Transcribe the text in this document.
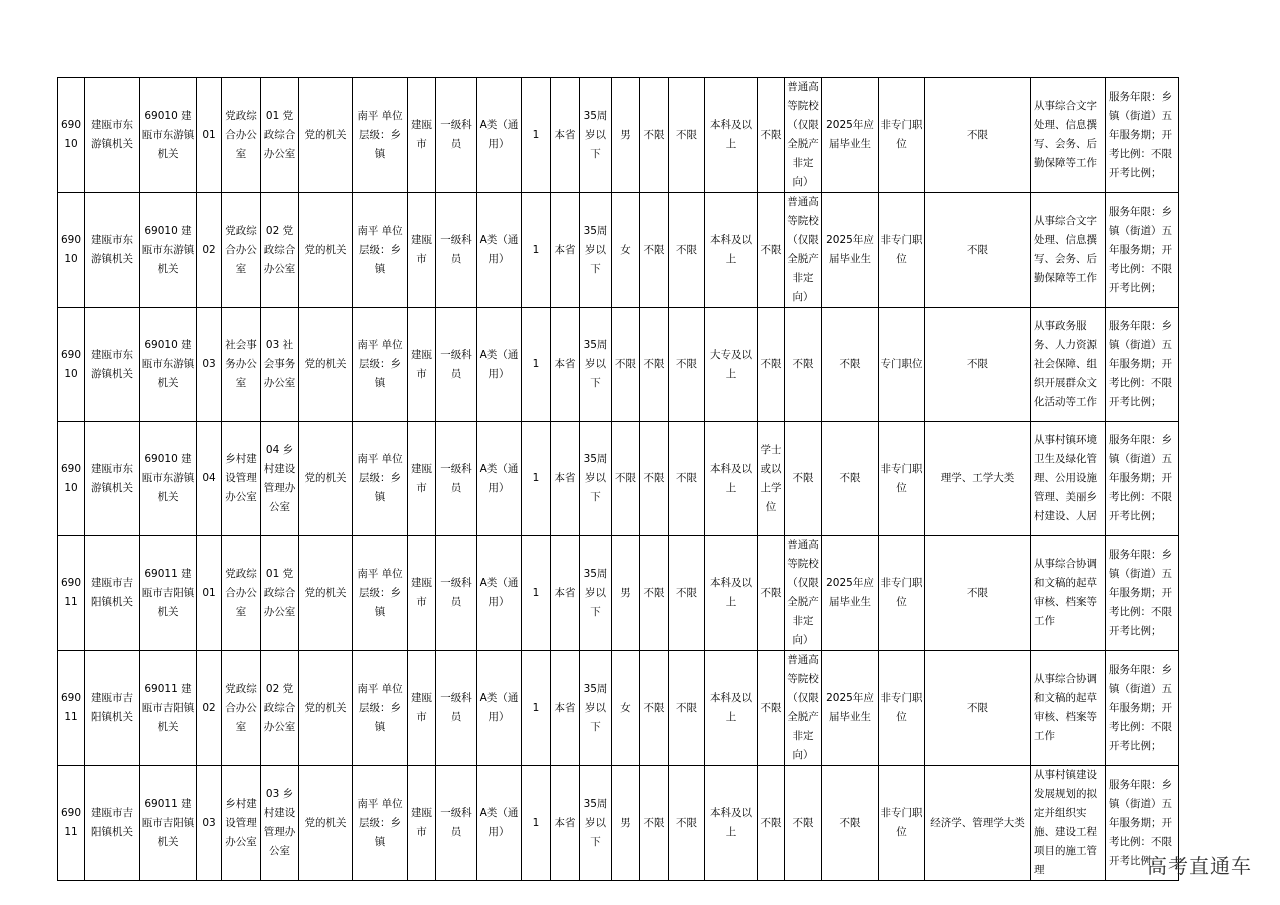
69010	建瓯市东游镇机关	69010 建瓯市东游镇机关	01	党政综合办公室	01 党政综合办公室	党的机关	南平 单位层级：乡镇	建瓯市	一级科员	A类（通用）	1	本省	35周岁以下	男	不限	不限	本科及以上	不限	普通高等院校（仅限全脱产非定向）	2025年应届毕业生	非专门职位	不限	从事综合文字处理、信息撰写、会务、后勤保障等工作	服务年限：乡镇（街道）五年服务期；开考比例：不限开考比例；
69010	建瓯市东游镇机关	69010 建瓯市东游镇机关	02	党政综合办公室	02 党政综合办公室	党的机关	南平 单位层级：乡镇	建瓯市	一级科员	A类（通用）	1	本省	35周岁以下	女	不限	不限	本科及以上	不限	普通高等院校（仅限全脱产非定向）	2025年应届毕业生	非专门职位	不限	从事综合文字处理、信息撰写、会务、后勤保障等工作	服务年限：乡镇（街道）五年服务期；开考比例：不限开考比例；
69010	建瓯市东游镇机关	69010 建瓯市东游镇机关	03	社会事务办公室	03 社会事务办公室	党的机关	南平 单位层级：乡镇	建瓯市	一级科员	A类（通用）	1	本省	35周岁以下	不限	不限	不限	大专及以上	不限	不限	不限	专门职位	不限	从事政务服务、人力资源社会保障、组织开展群众文化活动等工作	服务年限：乡镇（街道）五年服务期；开考比例：不限开考比例；
69010	建瓯市东游镇机关	69010 建瓯市东游镇机关	04	乡村建设管理办公室	04 乡村建设管理办公室	党的机关	南平 单位层级：乡镇	建瓯市	一级科员	A类（通用）	1	本省	35周岁以下	不限	不限	不限	本科及以上	学士或以上学位	不限	不限	非专门职位	理学、工学大类	从事村镇环境卫生及绿化管理、公用设施管理、美丽乡村建设、人居	服务年限：乡镇（街道）五年服务期；开考比例：不限开考比例；
69011	建瓯市吉阳镇机关	69011 建瓯市吉阳镇机关	01	党政综合办公室	01 党政综合办公室	党的机关	南平 单位层级：乡镇	建瓯市	一级科员	A类（通用）	1	本省	35周岁以下	男	不限	不限	本科及以上	不限	普通高等院校（仅限全脱产非定向）	2025年应届毕业生	非专门职位	不限	从事综合协调和文稿的起草审核、档案等工作	服务年限：乡镇（街道）五年服务期；开考比例：不限开考比例；
69011	建瓯市吉阳镇机关	69011 建瓯市吉阳镇机关	02	党政综合办公室	02 党政综合办公室	党的机关	南平 单位层级：乡镇	建瓯市	一级科员	A类（通用）	1	本省	35周岁以下	女	不限	不限	本科及以上	不限	普通高等院校（仅限全脱产非定向）	2025年应届毕业生	非专门职位	不限	从事综合协调和文稿的起草审核、档案等工作	服务年限：乡镇（街道）五年服务期；开考比例：不限开考比例；
69011	建瓯市吉阳镇机关	69011 建瓯市吉阳镇机关	03	乡村建设管理办公室	03 乡村建设管理办公室	党的机关	南平 单位层级：乡镇	建瓯市	一级科员	A类（通用）	1	本省	35周岁以下	男	不限	不限	本科及以上	不限	不限	不限	非专门职位	经济学、管理学大类	从事村镇建设发展规划的拟定并组织实施、建设工程项目的施工管理	服务年限：乡镇（街道）五年服务期；开考比例：不限开考比例；
高考直通车
